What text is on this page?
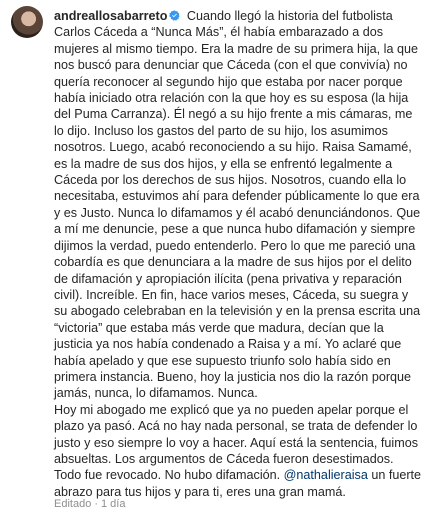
andreallosabarreto Cuando llegó la historia del futbolista Carlos Cáceda a “Nunca Más”, él había embarazado a dos mujeres al mismo tiempo. Era la madre de su primera hija, la que nos buscó para denunciar que Cáceda (con el que convivía) no quería reconocer al segundo hijo que estaba por nacer porque había iniciado otra relación con la que hoy es su esposa (la hija del Puma Carranza). Él negó a su hijo frente a mis cámaras, me lo dijo. Incluso los gastos del parto de su hijo, los asumimos nosotros. Luego, acabó reconociendo a su hijo. Raisa Samamé, es la madre de sus dos hijos, y ella se enfrentó legalmente a Cáceda por los derechos de sus hijos. Nosotros, cuando ella lo necesitaba, estuvimos ahí para defender públicamente lo que era y es Justo. Nunca lo difamamos y él acabó denunciándonos. Que a mí me denuncie, pese a que nunca hubo difamación y siempre dijimos la verdad, puedo entenderlo. Pero lo que me pareció una cobardía es que denunciara a la madre de sus hijos por el delito de difamación y apropiación ilícita (pena privativa y reparación civil). Increíble. En fin, hace varios meses, Cáceda, su suegra y su abogado celebraban en la televisión y en la prensa escrita una “victoria” que estaba más verde que madura, decían que la justicia ya nos había condenado a Raisa y a mí. Yo aclaré que había apelado y que ese supuesto triunfo solo había sido en primera instancia. Bueno, hoy la justicia nos dio la razón porque jamás, nunca, lo difamamos. Nunca.
Hoy mi abogado me explicó que ya no pueden apelar porque el plazo ya pasó. Acá no hay nada personal, se trata de defender lo justo y eso siempre lo voy a hacer. Aquí está la sentencia, fuimos absueltas. Los argumentos de Cáceda fueron desestimados. Todo fue revocado. No hubo difamación. @nathalieraisa un fuerte abrazo para tus hijos y para ti, eres una gran mamá.
Editado · 1 día
